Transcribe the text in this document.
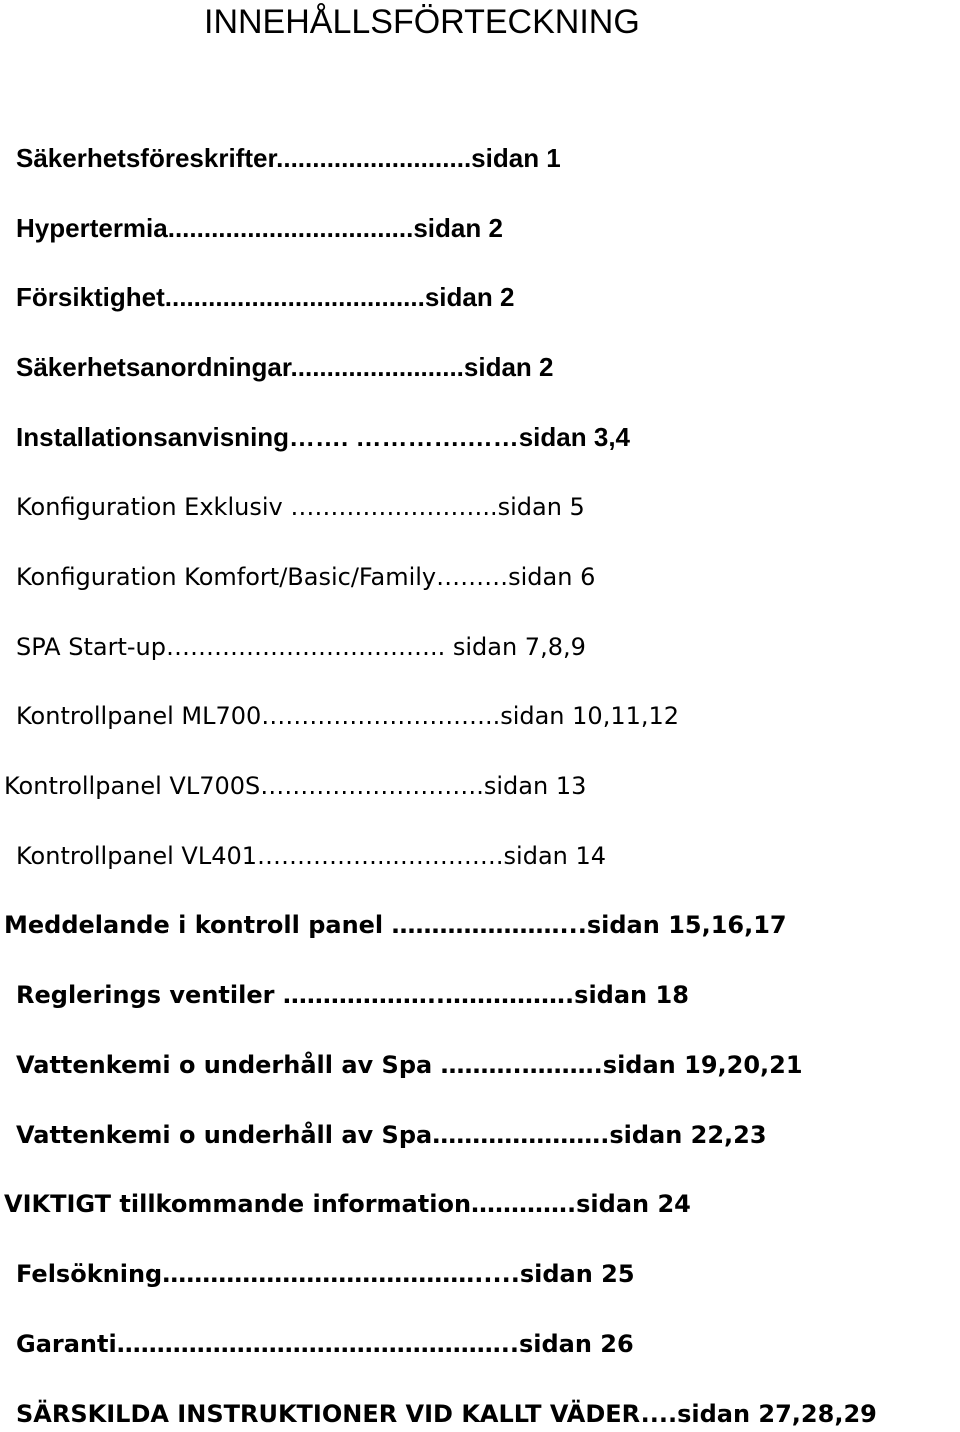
INNEHÅLLSFÖRTECKNING

Säkerhetsföreskrifter...........................sidan 1

Hypertermia..................................sidan 2

Försiktighet....................................sidan 2

Säkerhetsanordningar........................sidan 2

Installationsanvisning……. ………….……sidan 3,4

Konfiguration Exklusiv ……………………..sidan 5

Konfiguration Komfort/Basic/Family………sidan 6

SPA Start-up…………………………….. sidan 7,8,9

Kontrollpanel ML700…………………….…..sidan 10,11,12

Kontrollpanel VL700S……………………….sidan 13

Kontrollpanel VL401……………...………….sidan 14

Meddelande i kontroll panel …………………...sidan 15,16,17

Reglerings ventiler ………………..…………….sidan 18

Vattenkemi o underhåll av Spa ……….……….sidan 19,20,21

Vattenkemi o underhåll av Spa………………….sidan 22,23

VIKTIGT tillkommande information………….sidan 24

Felsökning………………………………….....sidan 25

Garanti…………………………………………..sidan 26

SÄRSKILDA INSTRUKTIONER VID KALLT VÄDER....sidan 27,28,29
